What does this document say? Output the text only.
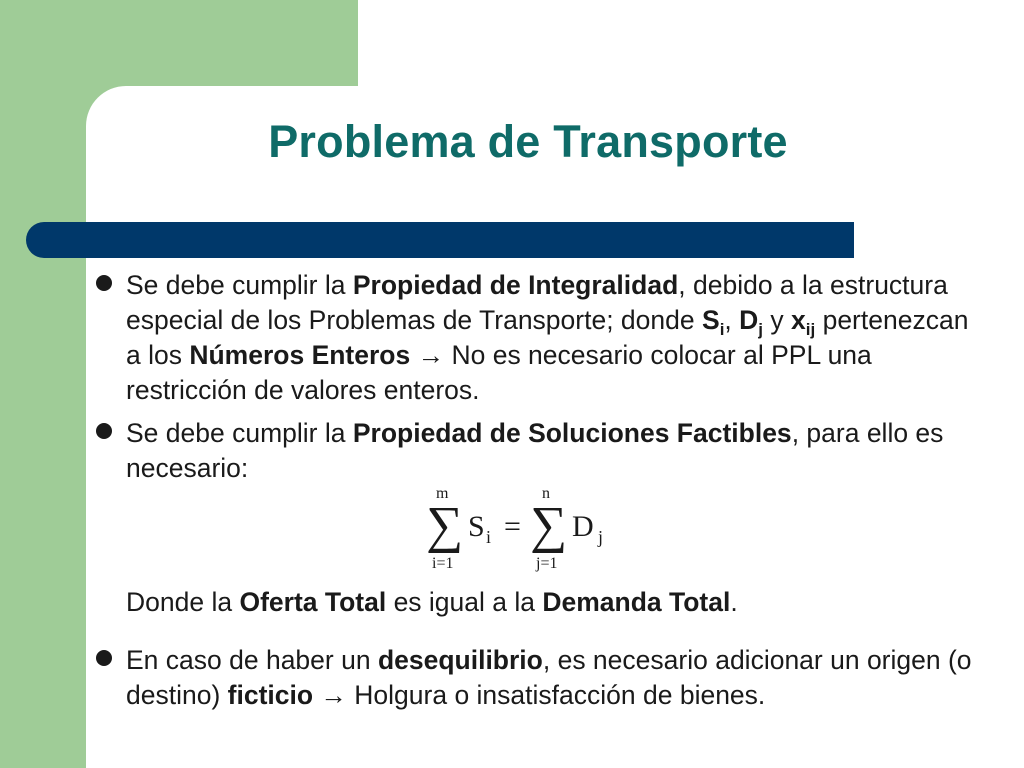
Problema de Transporte
Se debe cumplir la Propiedad de Integralidad, debido a la estructura especial de los Problemas de Transporte; donde $S_i$, $D_j$ y $x_{ij}$ pertenezcan a los Números Enteros → No es necesario colocar al PPL una restricción de valores enteros.
Se debe cumplir la Propiedad de Soluciones Factibles, para ello es necesario:
m
∑
i=1
S i =
n
∑
j=1
D j
Donde la Oferta Total es igual a la Demanda Total.
En caso de haber un desequilibrio, es necesario adicionar un origen (o destino) ficticio → Holgura o insatisfacción de bienes.
